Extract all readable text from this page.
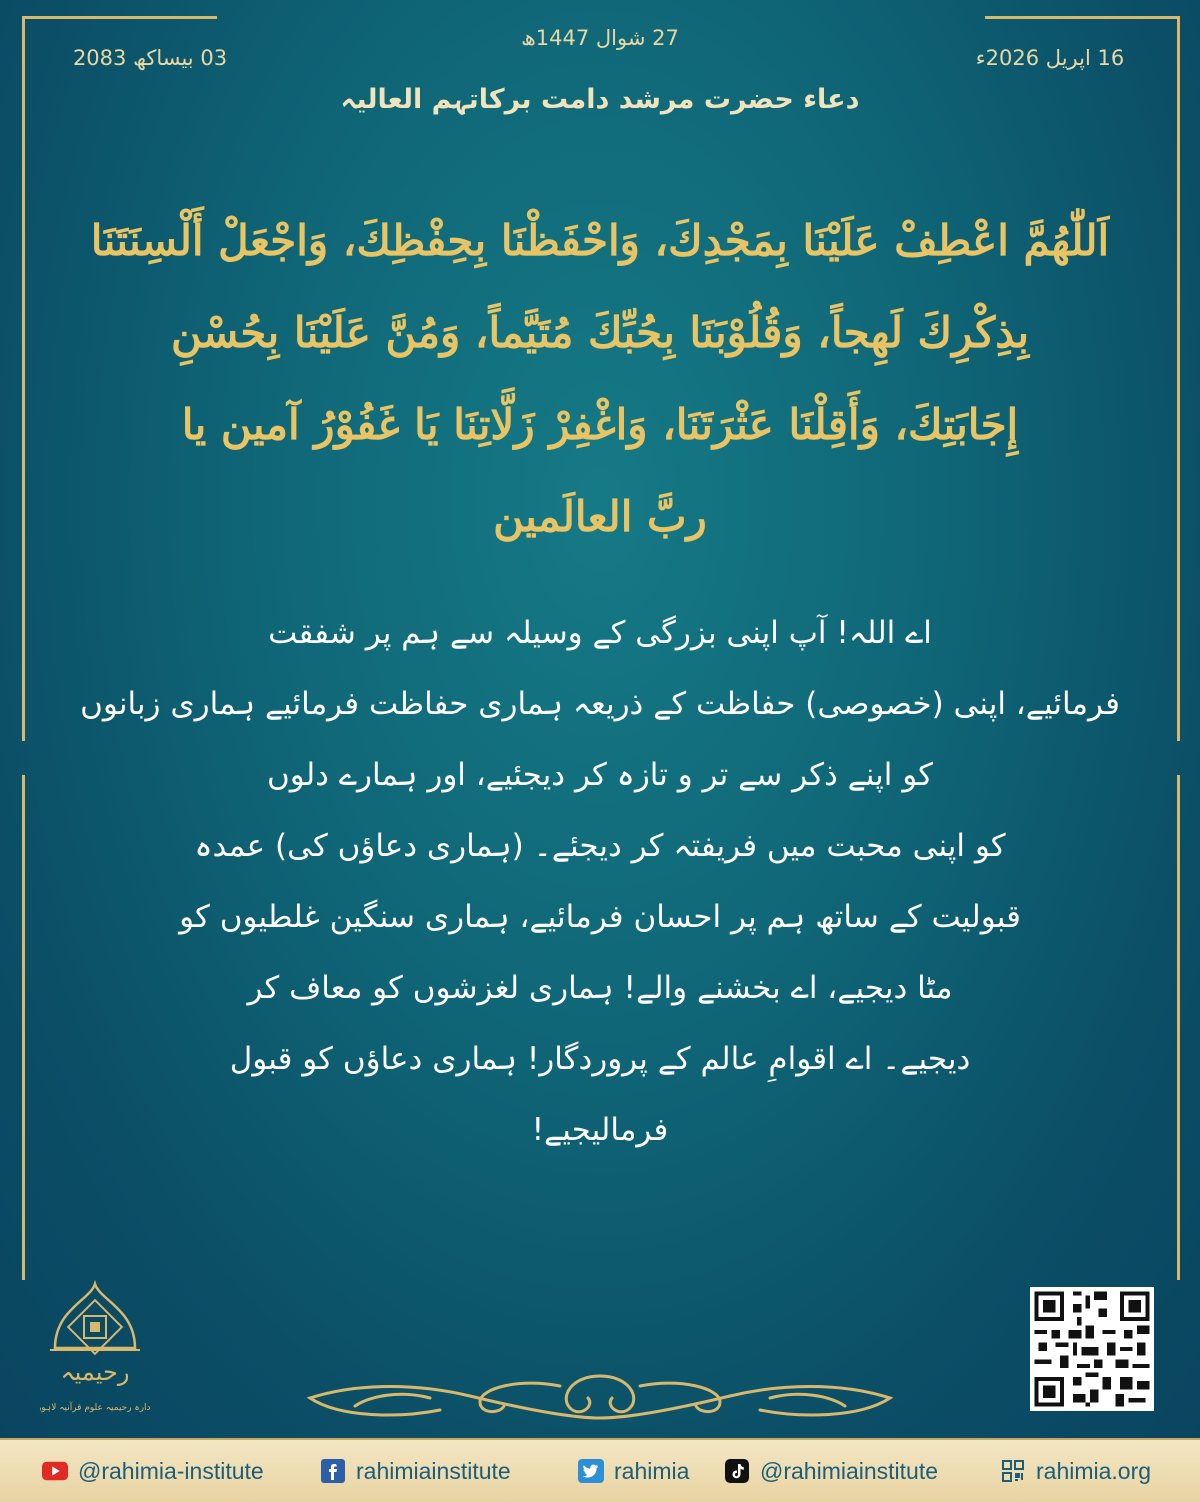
27 شوال 1447ھ
03 بیساکھ 2083	16 اپریل 2026ء
دعاء حضرت مرشد دامت برکاتہم العالیہ
اَللّٰهُمَّ اعْطِفْ عَلَيْنَا بِمَجْدِكَ، وَاحْفَظْنَا بِحِفْظِكَ، وَاجْعَلْ أَلْسِنَتَنَا
بِذِكْرِكَ لَهِجاً، وَقُلُوْبَنَا بِحُبِّكَ مُتَيَّماً، وَمُنَّ عَلَيْنَا بِحُسْنِ
إِجَابَتِكَ، وَأَقِلْنَا عَثْرَتَنَا، وَاغْفِرْ زَلَّاتِنَا يَا غَفُوْرُ آمين يا
ربَّ العالَمين
اے اللہ! آپ اپنی بزرگی کے وسیلہ سے ہم پر شفقت
فرمائیے، اپنی (خصوصی) حفاظت کے ذریعہ ہماری حفاظت فرمائیے ہماری زبانوں
کو اپنے ذکر سے تر و تازہ کر دیجئیے، اور ہمارے دلوں
کو اپنی محبت میں فریفتہ کر دیجئے۔ (ہماری دعاؤں کی) عمدہ
قبولیت کے ساتھ ہم پر احسان فرمائیے، ہماری سنگین غلطیوں کو
مٹا دیجیے، اے بخشنے والے! ہماری لغزشوں کو معاف کر
دیجیے۔ اے اقوامِ عالم کے پروردگار! ہماری دعاؤں کو قبول
فرمالیجیے!
رحیمیہ
ادارہ رحیمیہ علوم قرآنیہ لاہور
@rahimia-institute	rahimiainstitute	rahimia	@rahimiainstitute	rahimia.org
